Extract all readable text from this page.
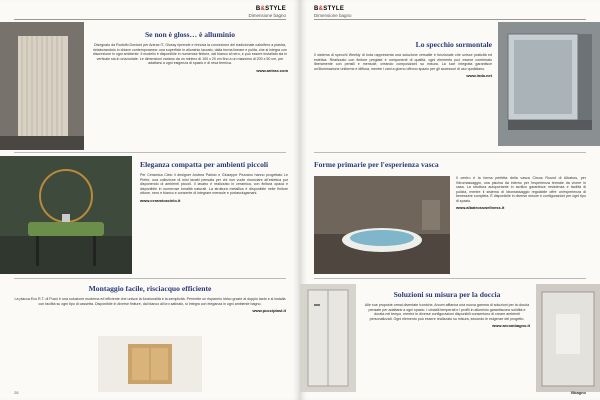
B&STYLE
Dimensione bagno
Se non è gloss… è alluminio

Disegnato da Rodolfo Dordoni per Antrax IT, Glossy riprende e rinnova la concezione del tradizionale calorifero a piastra, rielaborandolo in chiave contemporanea: una superficie in alluminio laccato, dalla forma lineare e pulita, che si integra con discrezione in ogni ambiente. Il modello è disponibile in numerose finiture, dal bianco al nero, e può essere installato sia in verticale sia in orizzontale. Le dimensioni variano da un minimo di 100 x 20 cm fino a un massimo di 200 x 50 cm, per adattarsi a ogni esigenza di spazio e di resa termica.

www.antrax.com
Eleganza compatta per ambienti piccoli

Per Ceramica Cielo il designer Andrea Parisio e Giuseppe Pezzano hanno progettato Le Pietre, una collezione di mini lavabi pensata per chi non vuole rinunciare all'estetica pur disponendo di ambienti piccoli. Il lavabo è realizzato in ceramica, con finitura opaca e disponibile in numerose tonalità naturali. La struttura metallica è disponibile nelle finiture ottone, nero e bianco e consente di integrare mensole e portasciugamani.

www.ceramicacielo.it
Montaggio facile, risciacquo efficiente

La placca Evo R.T. di Pucci è una soluzione moderna ed efficiente che unisce la funzionalità e la semplicità. Permette un risparmio idrico grazie al doppio tasto e si installa con facilità su ogni tipo di cassetta. Disponibile in diverse finiture, dal bianco all'oro satinato, si integra con eleganza in ogni ambiente bagno.

www.pucciplast.it
28
B&STYLE
Dimensione bagno
Lo specchio sormontale

Il sistema di specchi Weekly di Inda rappresenta una soluzione versatile e funzionale che unisce praticità ed estetica. Realizzato con finiture pregiate e componenti di qualità, ogni elemento può essere combinato liberamente con pensili e mensole, creando composizioni su misura. La luce integrata garantisce un'illuminazione uniforme e diffusa, mentre i vani a giorno offrono spazio per gli accessori di uso quotidiano.

www.inda.net
Forme primarie per l'esperienza vasca

Il centro è la forma perfetta della vasca Circus Round di Albatros, per l'idromassaggio, una piscina da interno per l'esperienza termale da vivere in casa. La struttura autoportante in acrilico garantisce resistenza e facilità di pulizia, mentre il sistema di idromassaggio regolabile offre un'esperienza di benessere completa. È disponibile in diverse misure e configurazioni per ogni tipo di spazio.

www.albatrosswellness.it
Soluzioni su misura per la doccia

Alle sue proposte ormai diventate iconiche, Arcom affianca una nuova gamma di soluzioni per la doccia pensate per adattarsi a ogni spazio. I cristalli temperati e i profili in alluminio garantiscono solidità e durata nel tempo, mentre le diverse configurazioni disponibili consentono di creare ambienti personalizzati. Ogni elemento può essere realizzato su misura, secondo le esigenze del progetto.

www.arcombagno.it
Bbagno
